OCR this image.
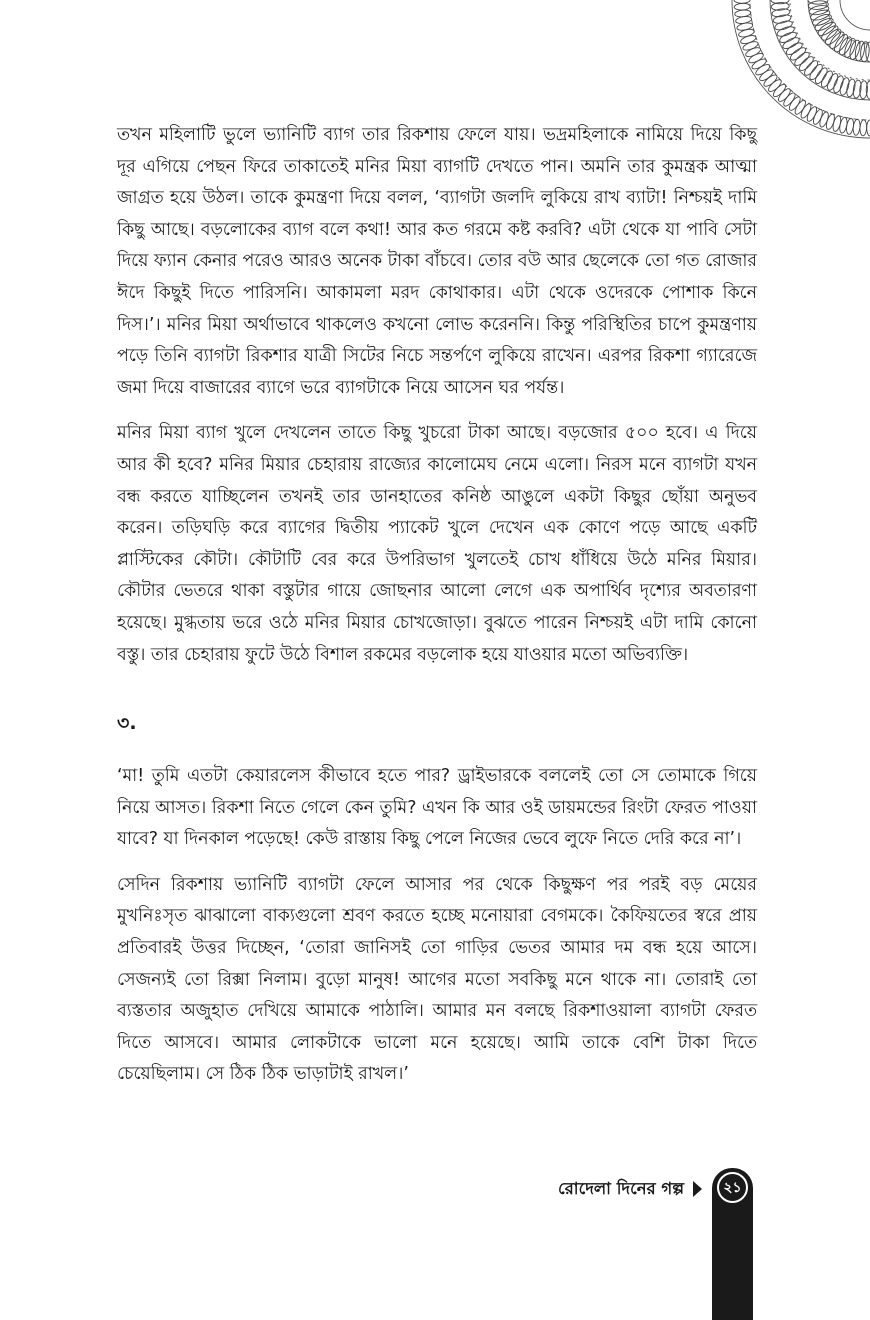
তখন মহিলাটি ভুলে ভ্যানিটি ব্যাগ তার রিকশায় ফেলে যায়। ভদ্রমহিলাকে নামিয়ে দিয়ে কিছু দূর এগিয়ে পেছন ফিরে তাকাতেই মনির মিয়া ব্যাগটি দেখতে পান। অমনি তার কুমন্ত্রক আত্মা জাগ্রত হয়ে উঠল। তাকে কুমন্ত্রণা দিয়ে বলল, ‘ব্যাগটা জলদি লুকিয়ে রাখ ব্যাটা! নিশ্চয়ই দামি কিছু আছে। বড়লোকের ব্যাগ বলে কথা! আর কত গরমে কষ্ট করবি? এটা থেকে যা পাবি সেটা দিয়ে ফ্যান কেনার পরেও আরও অনেক টাকা বাঁচবে। তোর বউ আর ছেলেকে তো গত রোজার ঈদে কিছুই দিতে পারিসনি। আকামলা মরদ কোথাকার। এটা থেকে ওদেরকে পোশাক কিনে দিস।’। মনির মিয়া অর্থাভাবে থাকলেও কখনো লোভ করেননি। কিন্তু পরিস্থিতির চাপে কুমন্ত্রণায় পড়ে তিনি ব্যাগটা রিকশার যাত্রী সিটের নিচে সন্তর্পণে লুকিয়ে রাখেন। এরপর রিকশা গ্যারেজে জমা দিয়ে বাজারের ব্যাগে ভরে ব্যাগটাকে নিয়ে আসেন ঘর পর্যন্ত।

মনির মিয়া ব্যাগ খুলে দেখলেন তাতে কিছু খুচরো টাকা আছে। বড়জোর ৫০০ হবে। এ দিয়ে আর কী হবে? মনির মিয়ার চেহারায় রাজ্যের কালোমেঘ নেমে এলো। নিরস মনে ব্যাগটা যখন বন্ধ করতে যাচ্ছিলেন তখনই তার ডানহাতের কনিষ্ঠ আঙুলে একটা কিছুর ছোঁয়া অনুভব করেন। তড়িঘড়ি করে ব্যাগের দ্বিতীয় প্যাকেট খুলে দেখেন এক কোণে পড়ে আছে একটি প্লাস্টিকের কৌটা। কৌটাটি বের করে উপরিভাগ খুলতেই চোখ ধাঁধিয়ে উঠে মনির মিয়ার। কৌটার ভেতরে থাকা বস্তুটার গায়ে জোছনার আলো লেগে এক অপার্থিব দৃশ্যের অবতারণা হয়েছে। মুগ্ধতায় ভরে ওঠে মনির মিয়ার চোখজোড়া। বুঝতে পারেন নিশ্চয়ই এটা দামি কোনো বস্তু। তার চেহারায় ফুটে উঠে বিশাল রকমের বড়লোক হয়ে যাওয়ার মতো অভিব্যক্তি।

৩.

‘মা! তুমি এতটা কেয়ারলেস কীভাবে হতে পার? ড্রাইভারকে বললেই তো সে তোমাকে গিয়ে নিয়ে আসত। রিকশা নিতে গেলে কেন তুমি? এখন কি আর ওই ডায়মন্ডের রিংটা ফেরত পাওয়া যাবে? যা দিনকাল পড়েছে! কেউ রাস্তায় কিছু পেলে নিজের ভেবে লুফে নিতে দেরি করে না’।

সেদিন রিকশায় ভ্যানিটি ব্যাগটা ফেলে আসার পর থেকে কিছুক্ষণ পর পরই বড় মেয়ের মুখনিঃসৃত ঝাঝালো বাক্যগুলো শ্রবণ করতে হচ্ছে মনোয়ারা বেগমকে। কৈফিয়তের স্বরে প্রায় প্রতিবারই উত্তর দিচ্ছেন, ‘তোরা জানিসই তো গাড়ির ভেতর আমার দম বন্ধ হয়ে আসে। সেজন্যই তো রিক্সা নিলাম। বুড়ো মানুষ! আগের মতো সবকিছু মনে থাকে না। তোরাই তো ব্যস্ততার অজুহাত দেখিয়ে আমাকে পাঠালি। আমার মন বলছে রিকশাওয়ালা ব্যাগটা ফেরত দিতে আসবে। আমার লোকটাকে ভালো মনে হয়েছে। আমি তাকে বেশি টাকা দিতে চেয়েছিলাম। সে ঠিক ঠিক ভাড়াটাই রাখল।’

রোদেলা দিনের গল্প	২১
